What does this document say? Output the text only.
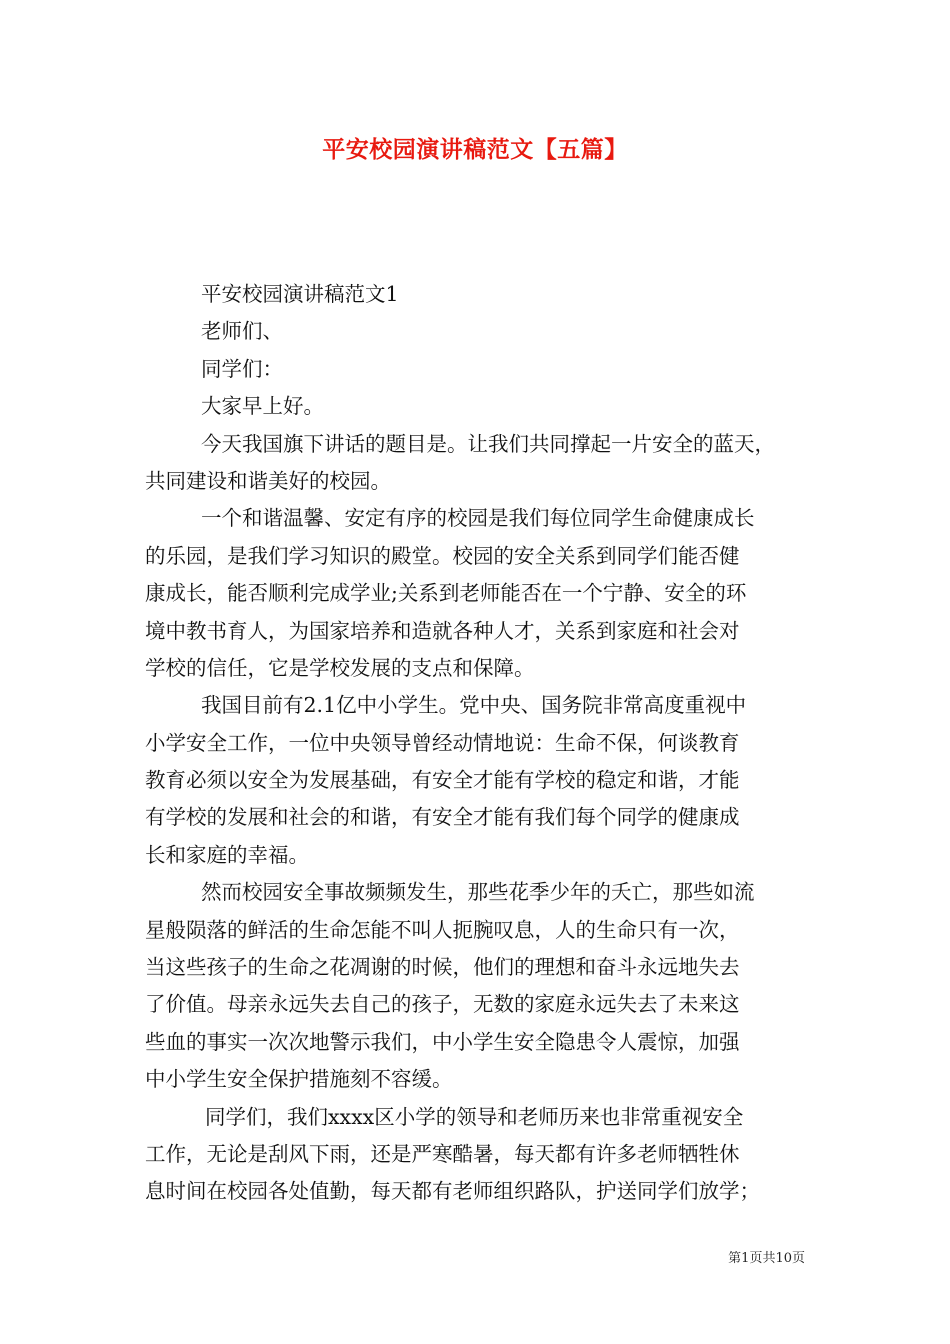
平安校园演讲稿范文【五篇】
平安校园演讲稿范文1
老师们、
同学们：
大家早上好。
今天我国旗下讲话的题目是。让我们共同撑起一片安全的蓝天，
共同建设和谐美好的校园。
一个和谐温馨、安定有序的校园是我们每位同学生命健康成长
的乐园，是我们学习知识的殿堂。校园的安全关系到同学们能否健
康成长，能否顺利完成学业;关系到老师能否在一个宁静、安全的环
境中教书育人，为国家培养和造就各种人才，关系到家庭和社会对
学校的信任，它是学校发展的支点和保障。
我国目前有2.1亿中小学生。党中央、国务院非常高度重视中
小学安全工作，一位中央领导曾经动情地说：生命不保，何谈教育
教育必须以安全为发展基础，有安全才能有学校的稳定和谐，才能
有学校的发展和社会的和谐，有安全才能有我们每个同学的健康成
长和家庭的幸福。
然而校园安全事故频频发生，那些花季少年的夭亡，那些如流
星般陨落的鲜活的生命怎能不叫人扼腕叹息，人的生命只有一次，
当这些孩子的生命之花凋谢的时候，他们的理想和奋斗永远地失去
了价值。母亲永远失去自己的孩子，无数的家庭永远失去了未来这
些血的事实一次次地警示我们，中小学生安全隐患令人震惊，加强
中小学生安全保护措施刻不容缓。
同学们，我们xxxx区小学的领导和老师历来也非常重视安全
工作，无论是刮风下雨，还是严寒酷暑，每天都有许多老师牺牲休
息时间在校园各处值勤，每天都有老师组织路队，护送同学们放学；
第1页共10页
